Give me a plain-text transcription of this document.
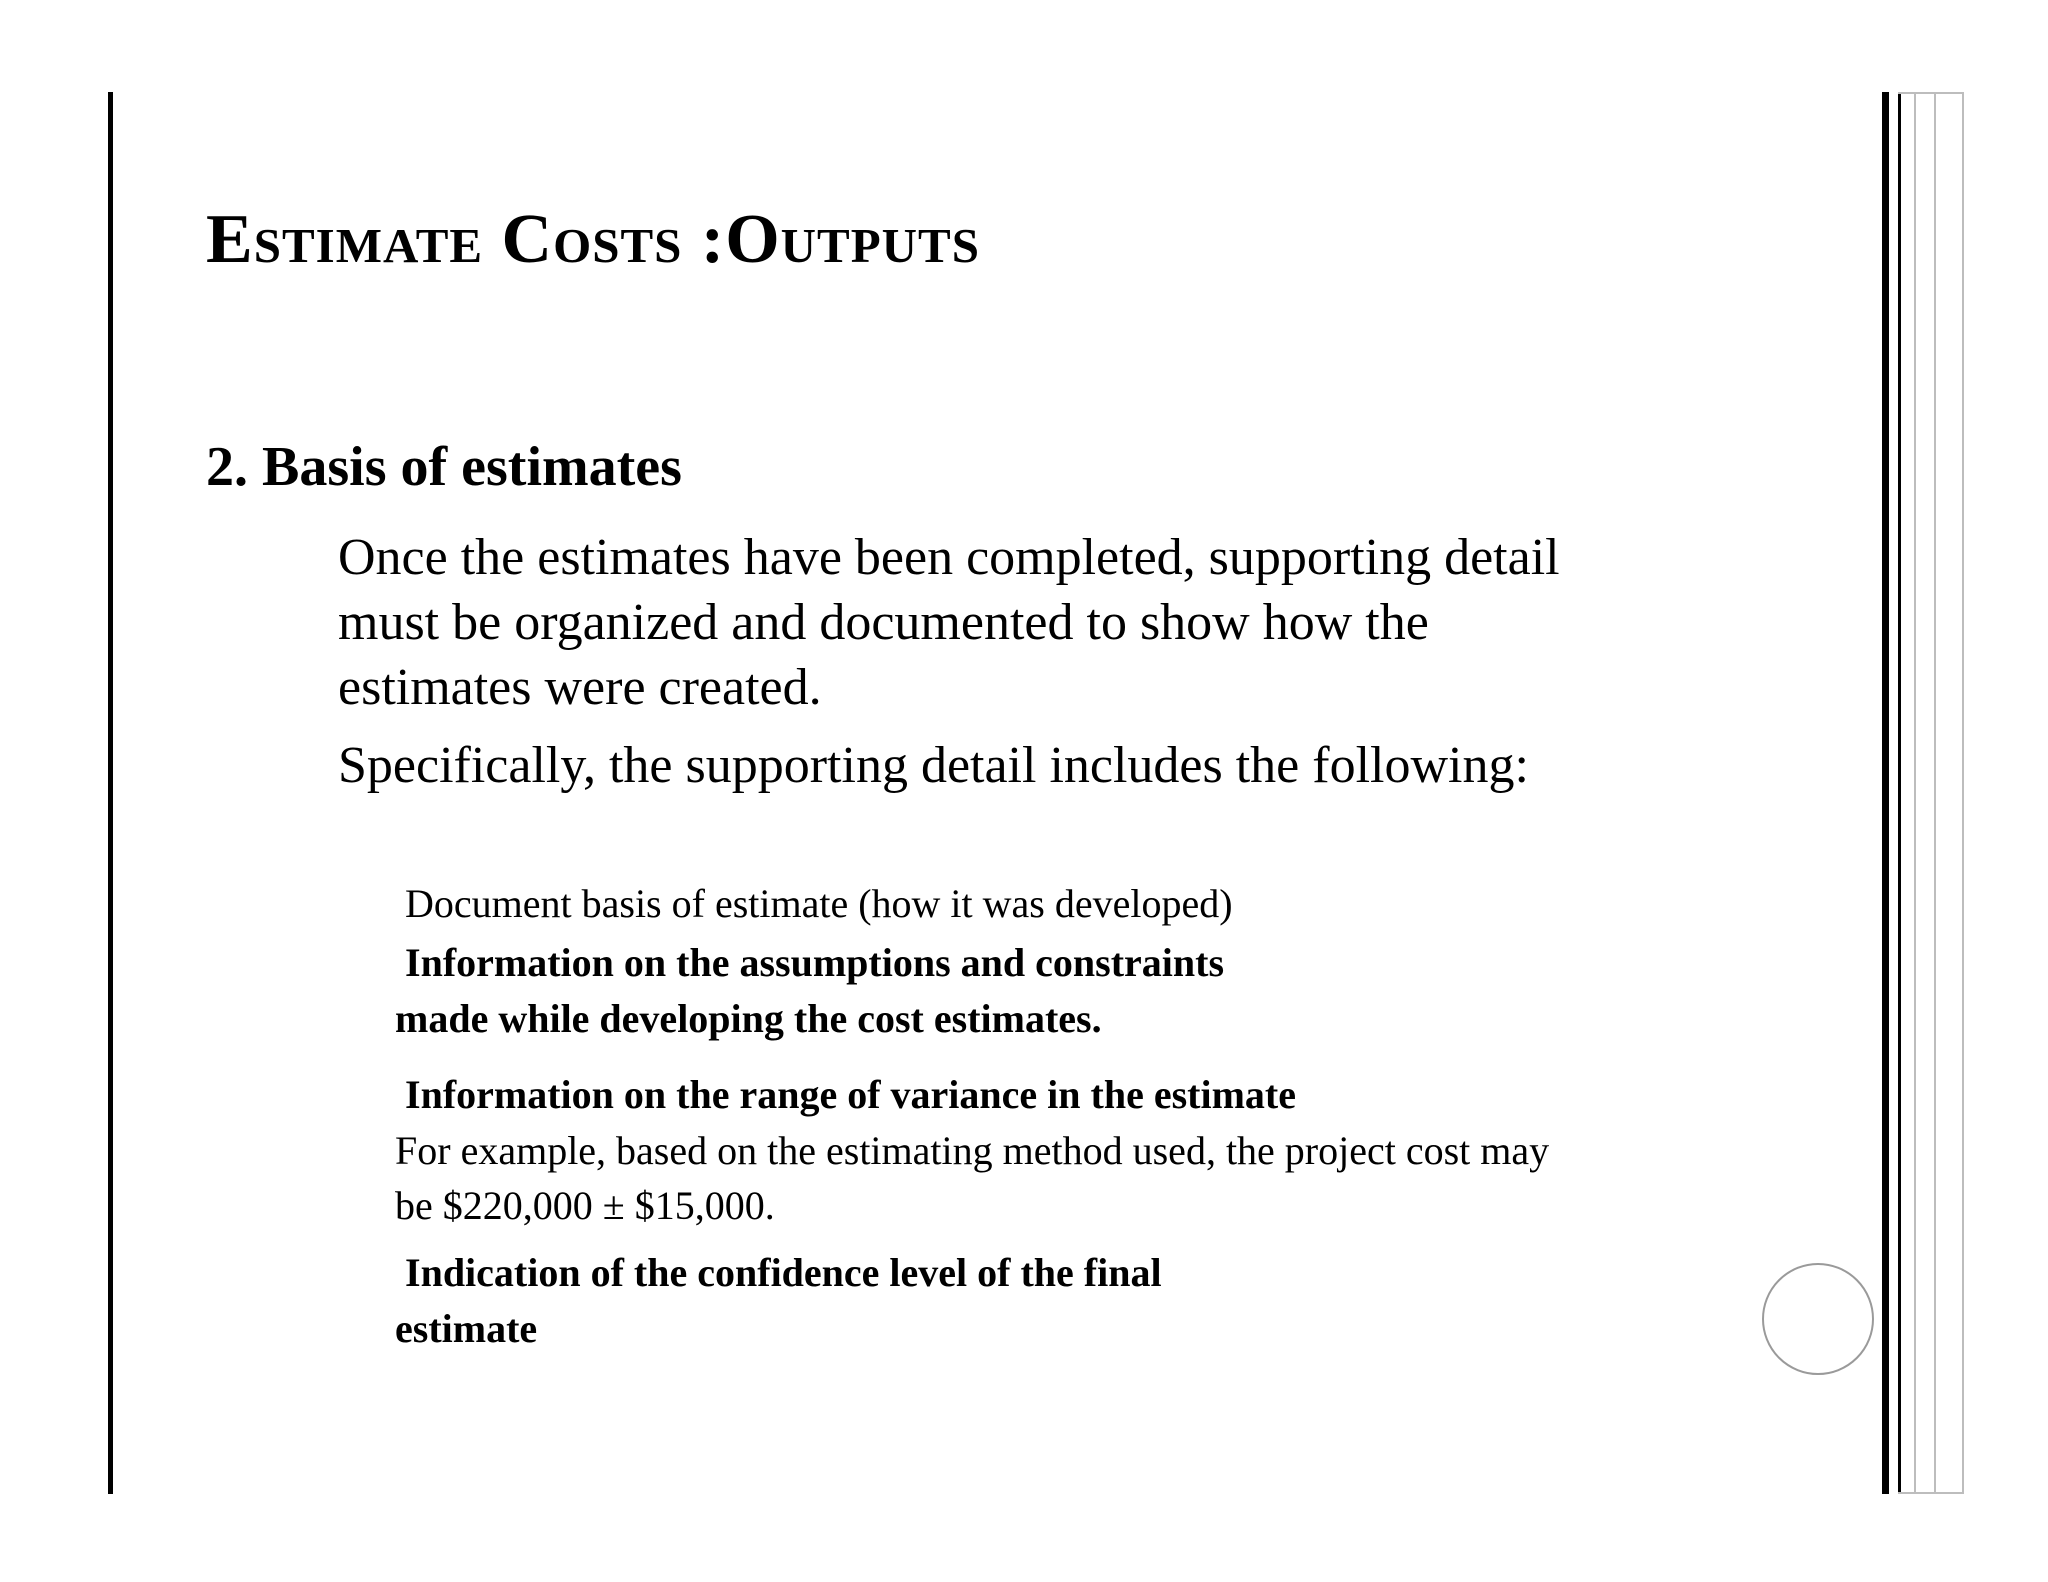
Estimate Costs :Outputs
2. Basis of estimates

Once the estimates have been completed, supporting detail must be organized and documented to show how the estimates were created.

Specifically, the supporting detail includes the following:

Document basis of estimate (how it was developed)
Information on the assumptions and constraints
made while developing the cost estimates.
Information on the range of variance in the estimate
For example, based on the estimating method used, the project cost may be $220,000 ± $15,000.
Indication of the confidence level of the final
estimate
